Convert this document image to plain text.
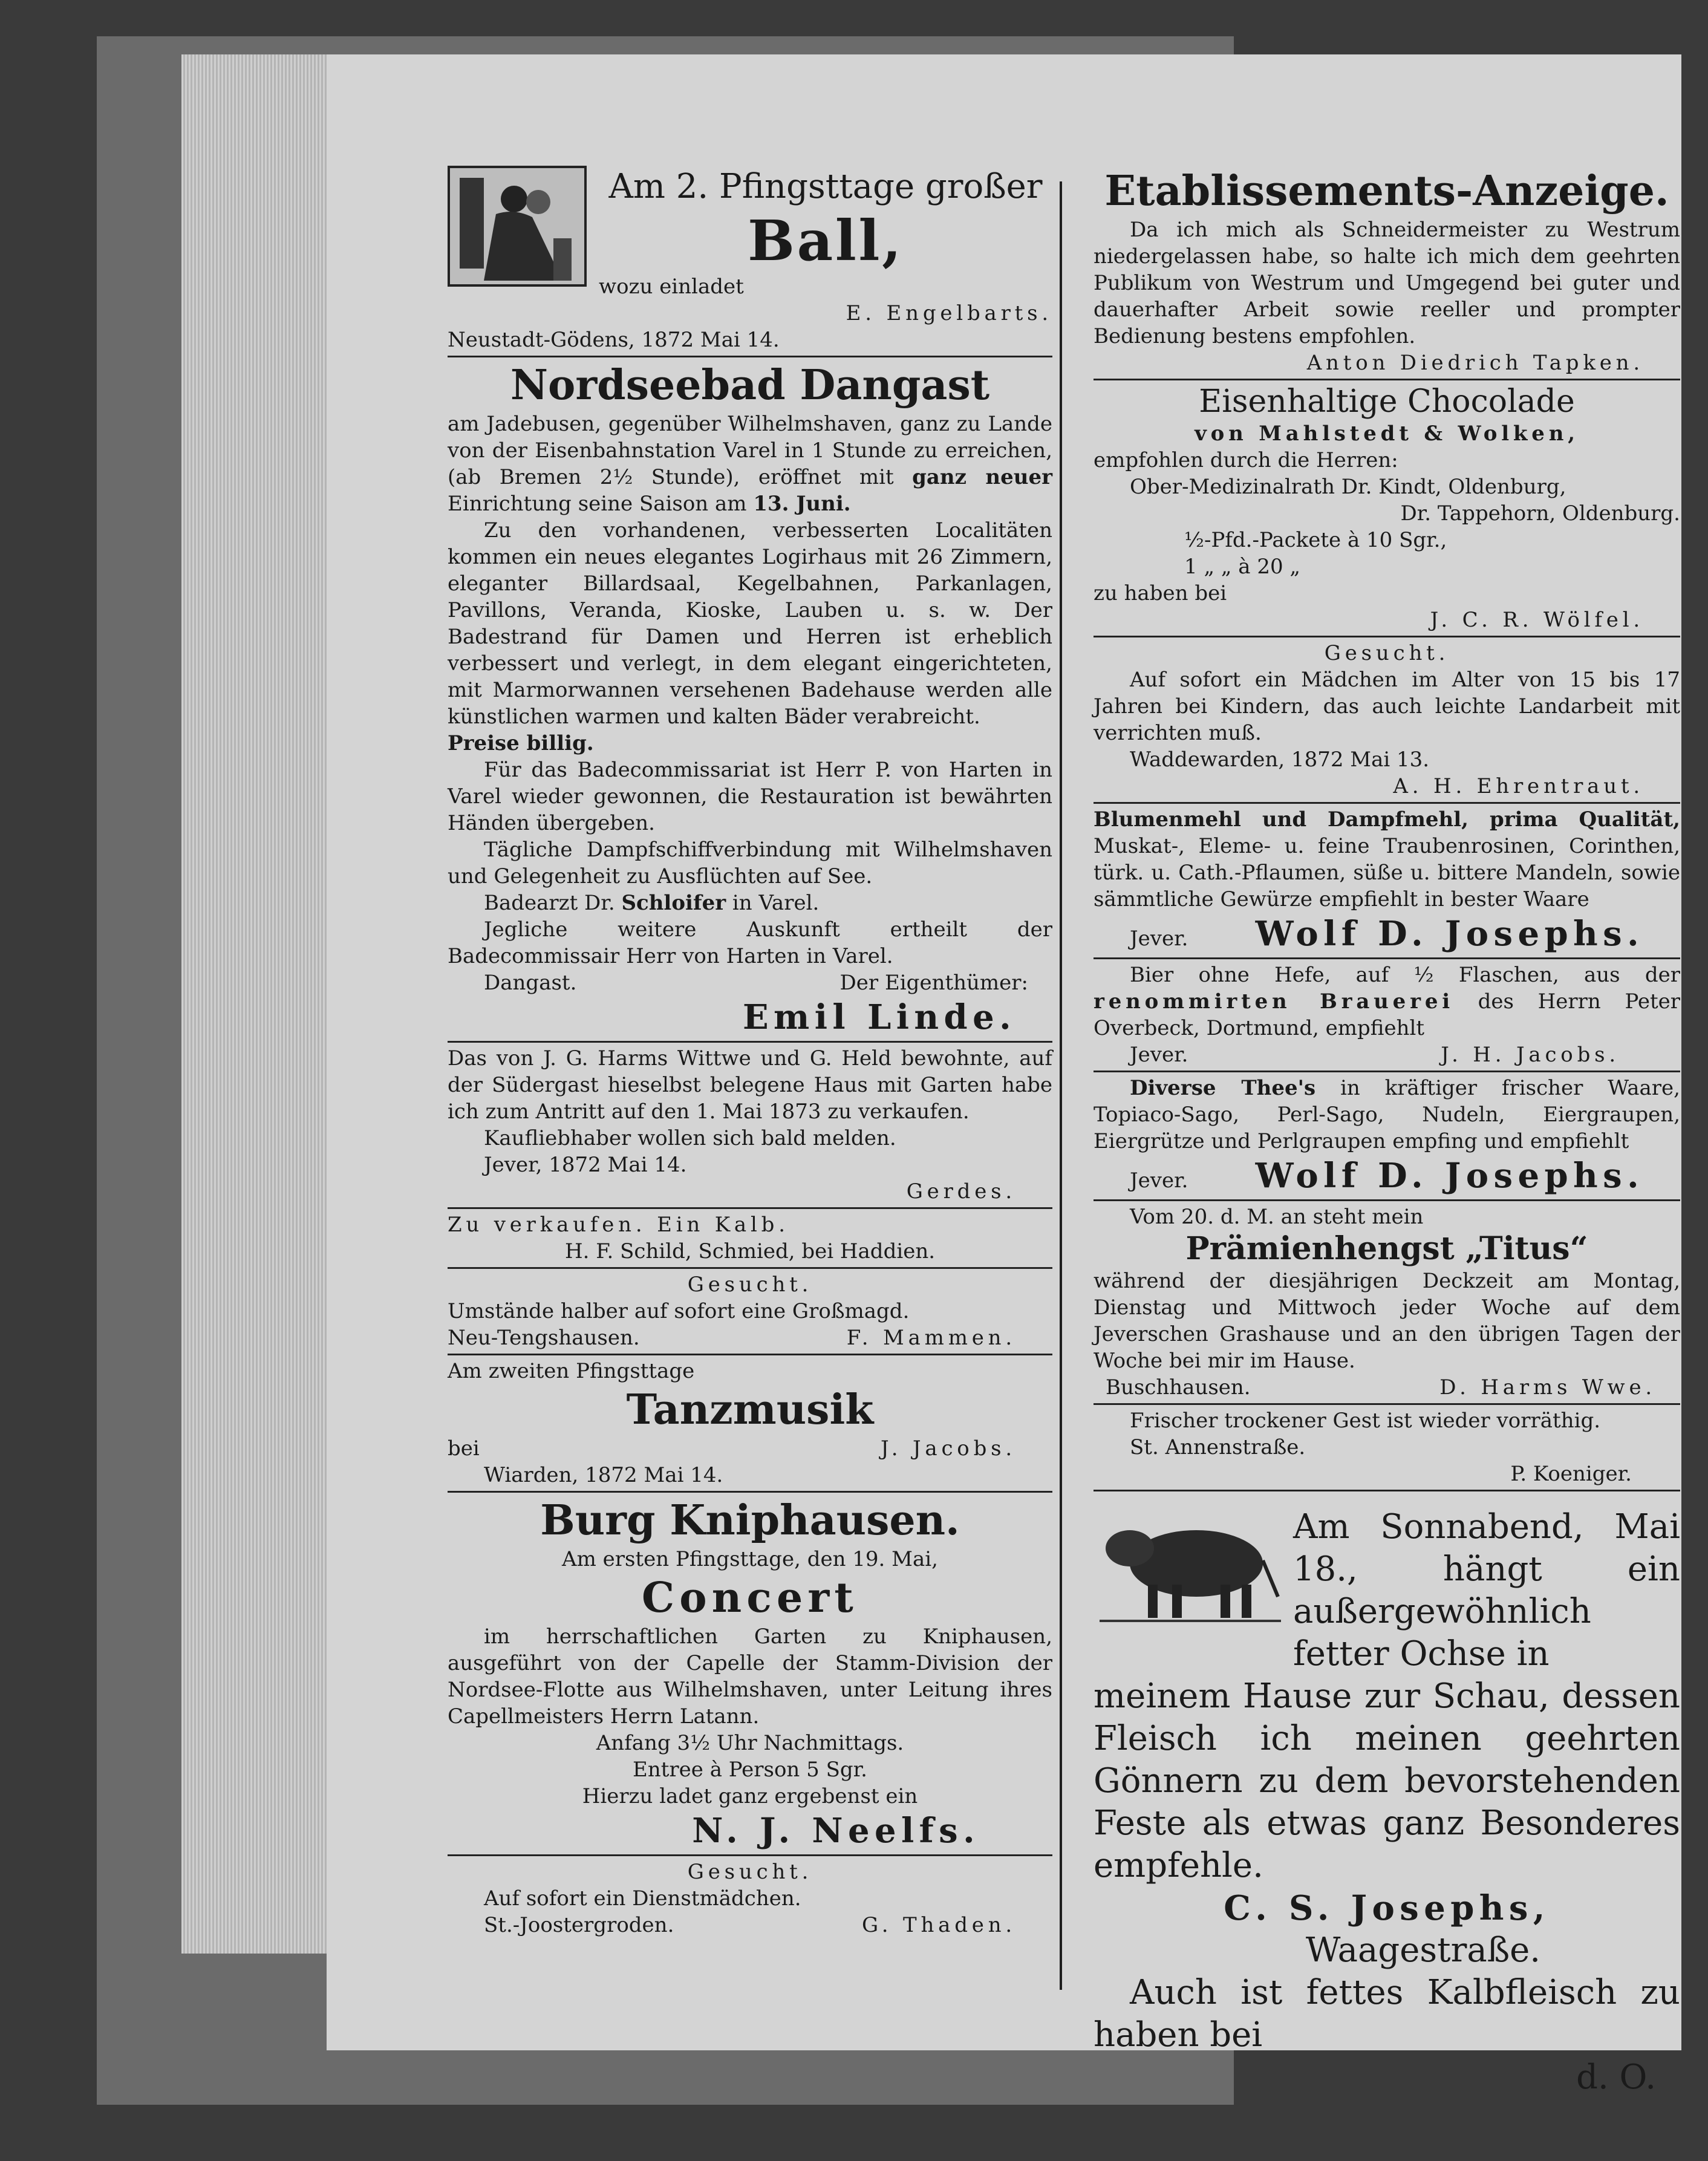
Am 2. Pfingsttage großer

Ball,

wozu einladet

E. Engelbarts.

Neustadt-Gödens, 1872 Mai 14.

Nordseebad Dangast

am Jadebusen, gegenüber Wilhelmshaven, ganz zu Lande von der Eisenbahnstation Varel in 1 Stunde zu erreichen, (ab Bremen 2½ Stunde), eröffnet mit ganz neuer Einrichtung seine Saison am 13. Juni.

Zu den vorhandenen, verbesserten Localitäten kommen ein neues elegantes Logirhaus mit 26 Zimmern, eleganter Billardsaal, Kegelbahnen, Parkanlagen, Pavillons, Veranda, Kioske, Lauben u. s. w. Der Badestrand für Damen und Herren ist erheblich verbessert und verlegt, in dem elegant eingerichteten, mit Marmorwannen versehenen Badehause werden alle künstlichen warmen und kalten Bäder verabreicht.

Preise billig.

Für das Badecommissariat ist Herr P. von Harten in Varel wieder gewonnen, die Restauration ist bewährten Händen übergeben.

Tägliche Dampfschiffverbindung mit Wilhelmshaven und Gelegenheit zu Ausflüchten auf See.

Badearzt Dr. Schloifer in Varel.

Jegliche weitere Auskunft ertheilt der Badecommissair Herr von Harten in Varel.

Dangast.	Der Eigenthümer:

Emil Linde.

Das von J. G. Harms Wittwe und G. Held bewohnte, auf der Südergast hieselbst belegene Haus mit Garten habe ich zum Antritt auf den 1. Mai 1873 zu verkaufen.

Kaufliebhaber wollen sich bald melden.

Jever, 1872 Mai 14.

Gerdes.

Zu verkaufen. Ein Kalb.

H. F. Schild, Schmied, bei Haddien.

Gesucht.

Umstände halber auf sofort eine Großmagd.

Neu-Tengshausen.	F. Mammen.

Am zweiten Pfingsttage

Tanzmusik
bei	J. Jacobs.

Wiarden, 1872 Mai 14.

Burg Kniphausen.

Am ersten Pfingsttage, den 19. Mai,

Concert

im herrschaftlichen Garten zu Kniphausen, ausgeführt von der Capelle der Stamm-Division der Nordsee-Flotte aus Wilhelmshaven, unter Leitung ihres Capellmeisters Herrn Latann.

Anfang 3½ Uhr Nachmittags.

Entree à Person 5 Sgr.

Hierzu ladet ganz ergebenst ein

N. J. Neelfs.

Gesucht.

Auf sofort ein Dienstmädchen.

St.-Joostergroden.	G. Thaden.
Etablissements-Anzeige.

Da ich mich als Schneidermeister zu Westrum niedergelassen habe, so halte ich mich dem geehrten Publikum von Westrum und Umgegend bei guter und dauerhafter Arbeit sowie reeller und prompter Bedienung bestens empfohlen.

Anton Diedrich Tapken.

Eisenhaltige Chocolade

von Mahlstedt & Wolken,

empfohlen durch die Herren:

Ober-Medizinalrath Dr. Kindt, Oldenburg,

Dr. Tappehorn, Oldenburg.

½-Pfd.-Packete à 10 Sgr.,

1 „ „ à 20 „

zu haben bei

J. C. R. Wölfel.

Gesucht.

Auf sofort ein Mädchen im Alter von 15 bis 17 Jahren bei Kindern, das auch leichte Landarbeit mit verrichten muß.

Waddewarden, 1872 Mai 13.

A. H. Ehrentraut.

Blumenmehl und Dampfmehl, prima Qualität, Muskat-, Eleme- u. feine Traubenrosinen, Corinthen, türk. u. Cath.-Pflaumen, süße u. bittere Mandeln, sowie sämmtliche Gewürze empfiehlt in bester Waare

Jever. Wolf D. Josephs.

Bier ohne Hefe, auf ½ Flaschen, aus der renommirten Brauerei des Herrn Peter Overbeck, Dortmund, empfiehlt

Jever.	J. H. Jacobs.

Diverse Thee's in kräftiger frischer Waare, Topiaco-Sago, Perl-Sago, Nudeln, Eiergraupen, Eiergrütze und Perlgraupen empfing und empfiehlt

Jever. Wolf D. Josephs.

Vom 20. d. M. an steht mein

Prämienhengst „Titus“

während der diesjährigen Deckzeit am Montag, Dienstag und Mittwoch jeder Woche auf dem Jeverschen Grashause und an den übrigen Tagen der Woche bei mir im Hause.

Buschhausen.	D. Harms Wwe.

Frischer trockener Gest ist wieder vorräthig.

St. Annenstraße.

P. Koeniger.

Am Sonnabend, Mai 18., hängt ein außergewöhnlich fetter Ochse in

meinem Hause zur Schau, dessen Fleisch ich meinen geehrten Gönnern zu dem bevorstehenden Feste als etwas ganz Besonderes empfehle.

C. S. Josephs,

Waagestraße.

Auch ist fettes Kalbfleisch zu haben bei

d. O.
